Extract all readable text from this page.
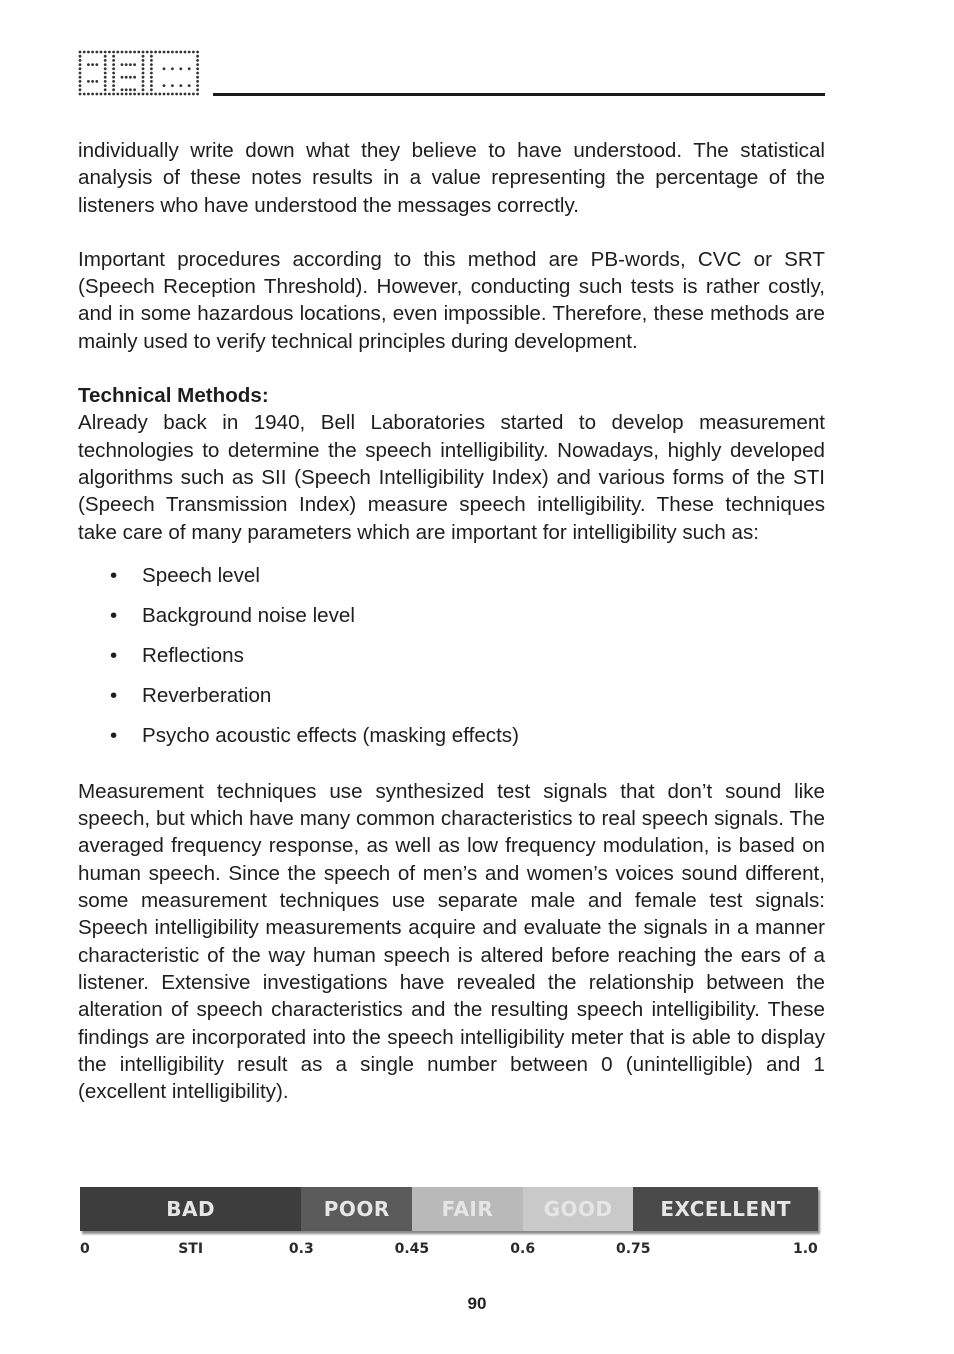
individually write down what they believe to have understood. The statistical analysis of these notes results in a value representing the percentage of the listeners who have understood the messages correctly.

Important procedures according to this method are PB-words, CVC or SRT (Speech Reception Threshold). However, conducting such tests is rather costly, and in some hazardous locations, even impossible. Therefore, these methods are mainly used to verify technical principles during development.

Technical Methods:

Already back in 1940, Bell Laboratories started to develop measurement technologies to determine the speech intelligibility. Nowadays, highly developed algorithms such as SII (Speech Intelligibility Index) and various forms of the STI (Speech Transmission Index) measure speech intelligibility. These techniques take care of many parameters which are important for intelligibility such as:

• Speech level
• Background noise level
• Reflections
• Reverberation
• Psycho acoustic effects (masking effects)

Measurement techniques use synthesized test signals that don’t sound like speech, but which have many common characteristics to real speech signals. The averaged frequency response, as well as low frequency modulation, is based on human speech. Since the speech of men’s and women’s voices sound different, some measurement techniques use separate male and female test signals: Speech intelligibility measurements acquire and evaluate the signals in a manner characteristic of the way human speech is altered before reaching the ears of a listener. Extensive investigations have revealed the relationship between the alteration of speech characteristics and the resulting speech intelligibility. These findings are incorporated into the speech intelligibility meter that is able to display the intelligibility result as a single number between 0 (unintelligible) and 1 (excellent intelligibility).

BAD	POOR	FAIR	GOOD	EXCELLENT
0	STI	0.3	0.45	0.6	0.75	1.0
90
